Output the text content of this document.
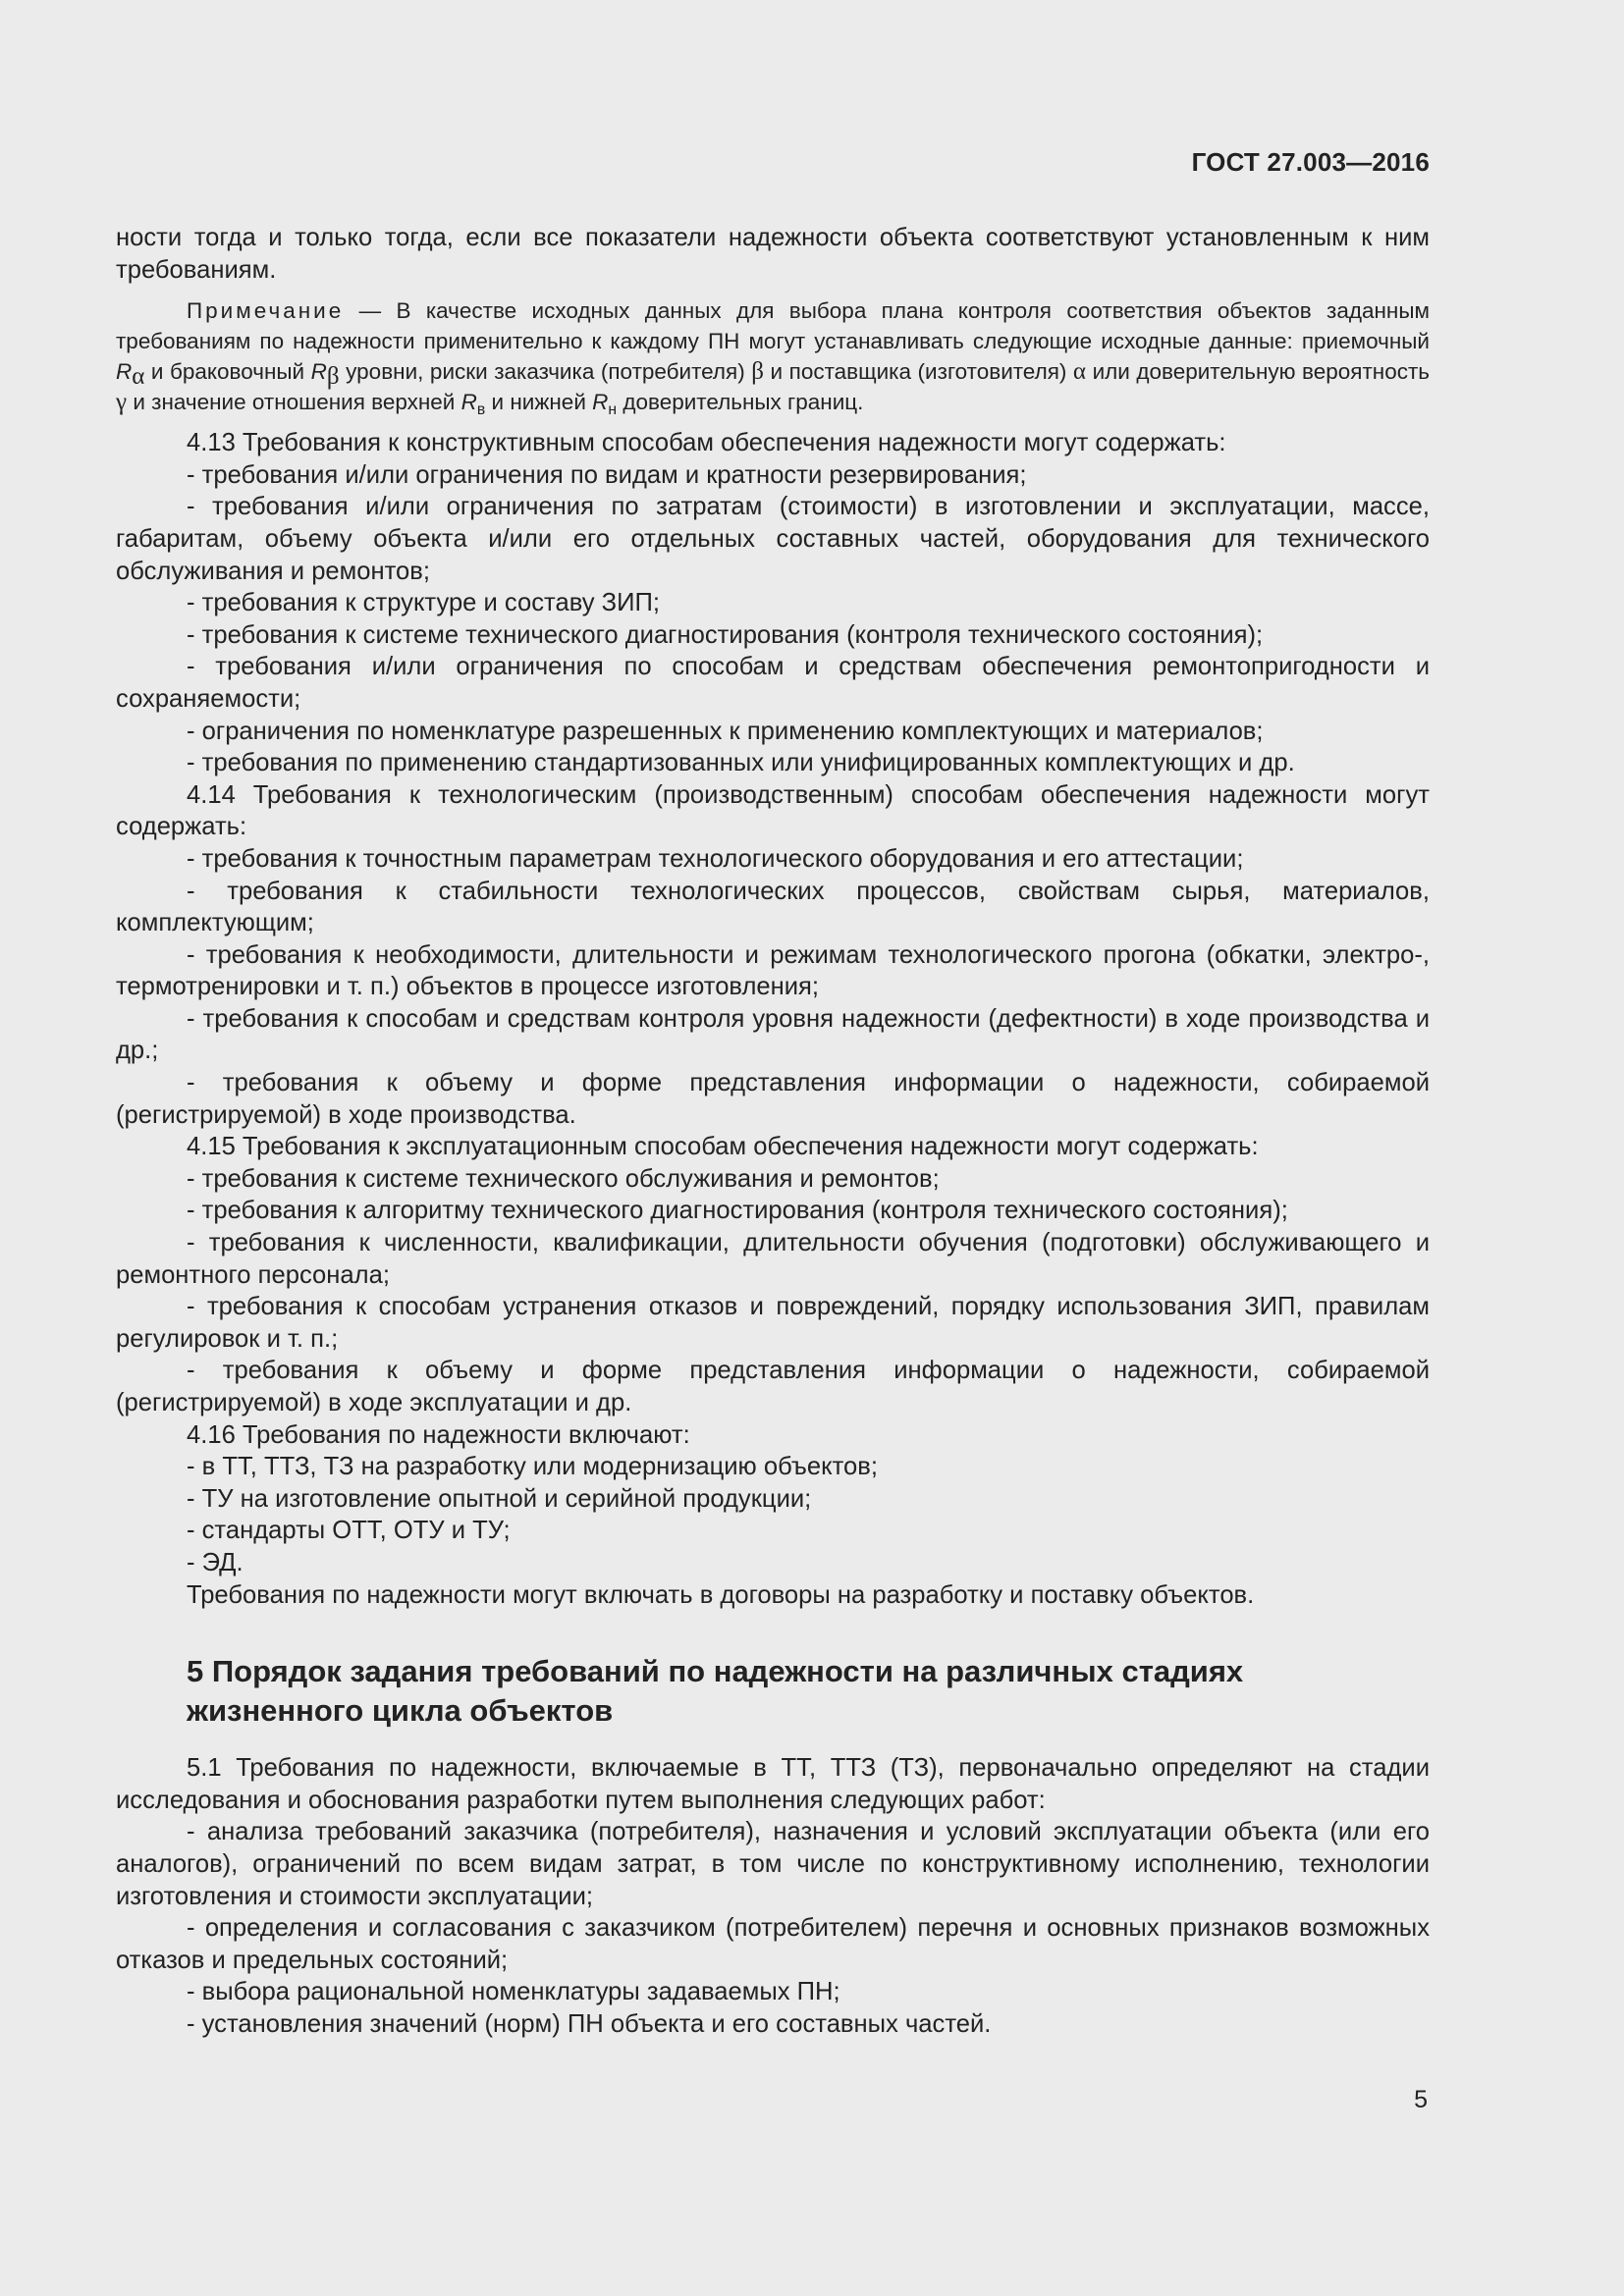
ГОСТ 27.003—2016

ности тогда и только тогда, если все показатели надежности объекта соответствуют установленным к ним требованиям.

Примечание — В качестве исходных данных для выбора плана контроля соответствия объектов заданным требованиям по надежности применительно к каждому ПН могут устанавливать следующие исходные данные: приемочный $R_\alpha$ и браковочный $R_\beta$ уровни, риски заказчика (потребителя) β и поставщика (изготовителя) α или доверительную вероятность γ и значение отношения верхней $R_в$ и нижней $R_н$ доверительных границ.

4.13 Требования к конструктивным способам обеспечения надежности могут содержать:

- требования и/или ограничения по видам и кратности резервирования;

- требования и/или ограничения по затратам (стоимости) в изготовлении и эксплуатации, массе, габаритам, объему объекта и/или его отдельных составных частей, оборудования для технического обслуживания и ремонтов;

- требования к структуре и составу ЗИП;

- требования к системе технического диагностирования (контроля технического состояния);

- требования и/или ограничения по способам и средствам обеспечения ремонтопригодности и сохраняемости;

- ограничения по номенклатуре разрешенных к применению комплектующих и материалов;

- требования по применению стандартизованных или унифицированных комплектующих и др.

4.14 Требования к технологическим (производственным) способам обеспечения надежности могут содержать:

- требования к точностным параметрам технологического оборудования и его аттестации;

- требования к стабильности технологических процессов, свойствам сырья, материалов, комплектующим;

- требования к необходимости, длительности и режимам технологического прогона (обкатки, электро-, термотренировки и т. п.) объектов в процессе изготовления;

- требования к способам и средствам контроля уровня надежности (дефектности) в ходе производства и др.;

- требования к объему и форме представления информации о надежности, собираемой (регистрируемой) в ходе производства.

4.15 Требования к эксплуатационным способам обеспечения надежности могут содержать:

- требования к системе технического обслуживания и ремонтов;

- требования к алгоритму технического диагностирования (контроля технического состояния);

- требования к численности, квалификации, длительности обучения (подготовки) обслуживающего и ремонтного персонала;

- требования к способам устранения отказов и повреждений, порядку использования ЗИП, правилам регулировок и т. п.;

- требования к объему и форме представления информации о надежности, собираемой (регистрируемой) в ходе эксплуатации и др.

4.16 Требования по надежности включают:

- в ТТ, ТТЗ, ТЗ на разработку или модернизацию объектов;

- ТУ на изготовление опытной и серийной продукции;

- стандарты ОТТ, ОТУ и ТУ;

- ЭД.

Требования по надежности могут включать в договоры на разработку и поставку объектов.

5 Порядок задания требований по надежности на различных стадиях
жизненного цикла объектов

5.1 Требования по надежности, включаемые в ТТ, ТТЗ (ТЗ), первоначально определяют на стадии исследования и обоснования разработки путем выполнения следующих работ:

- анализа требований заказчика (потребителя), назначения и условий эксплуатации объекта (или его аналогов), ограничений по всем видам затрат, в том числе по конструктивному исполнению, технологии изготовления и стоимости эксплуатации;

- определения и согласования с заказчиком (потребителем) перечня и основных признаков возможных отказов и предельных состояний;

- выбора рациональной номенклатуры задаваемых ПН;

- установления значений (норм) ПН объекта и его составных частей.

5
